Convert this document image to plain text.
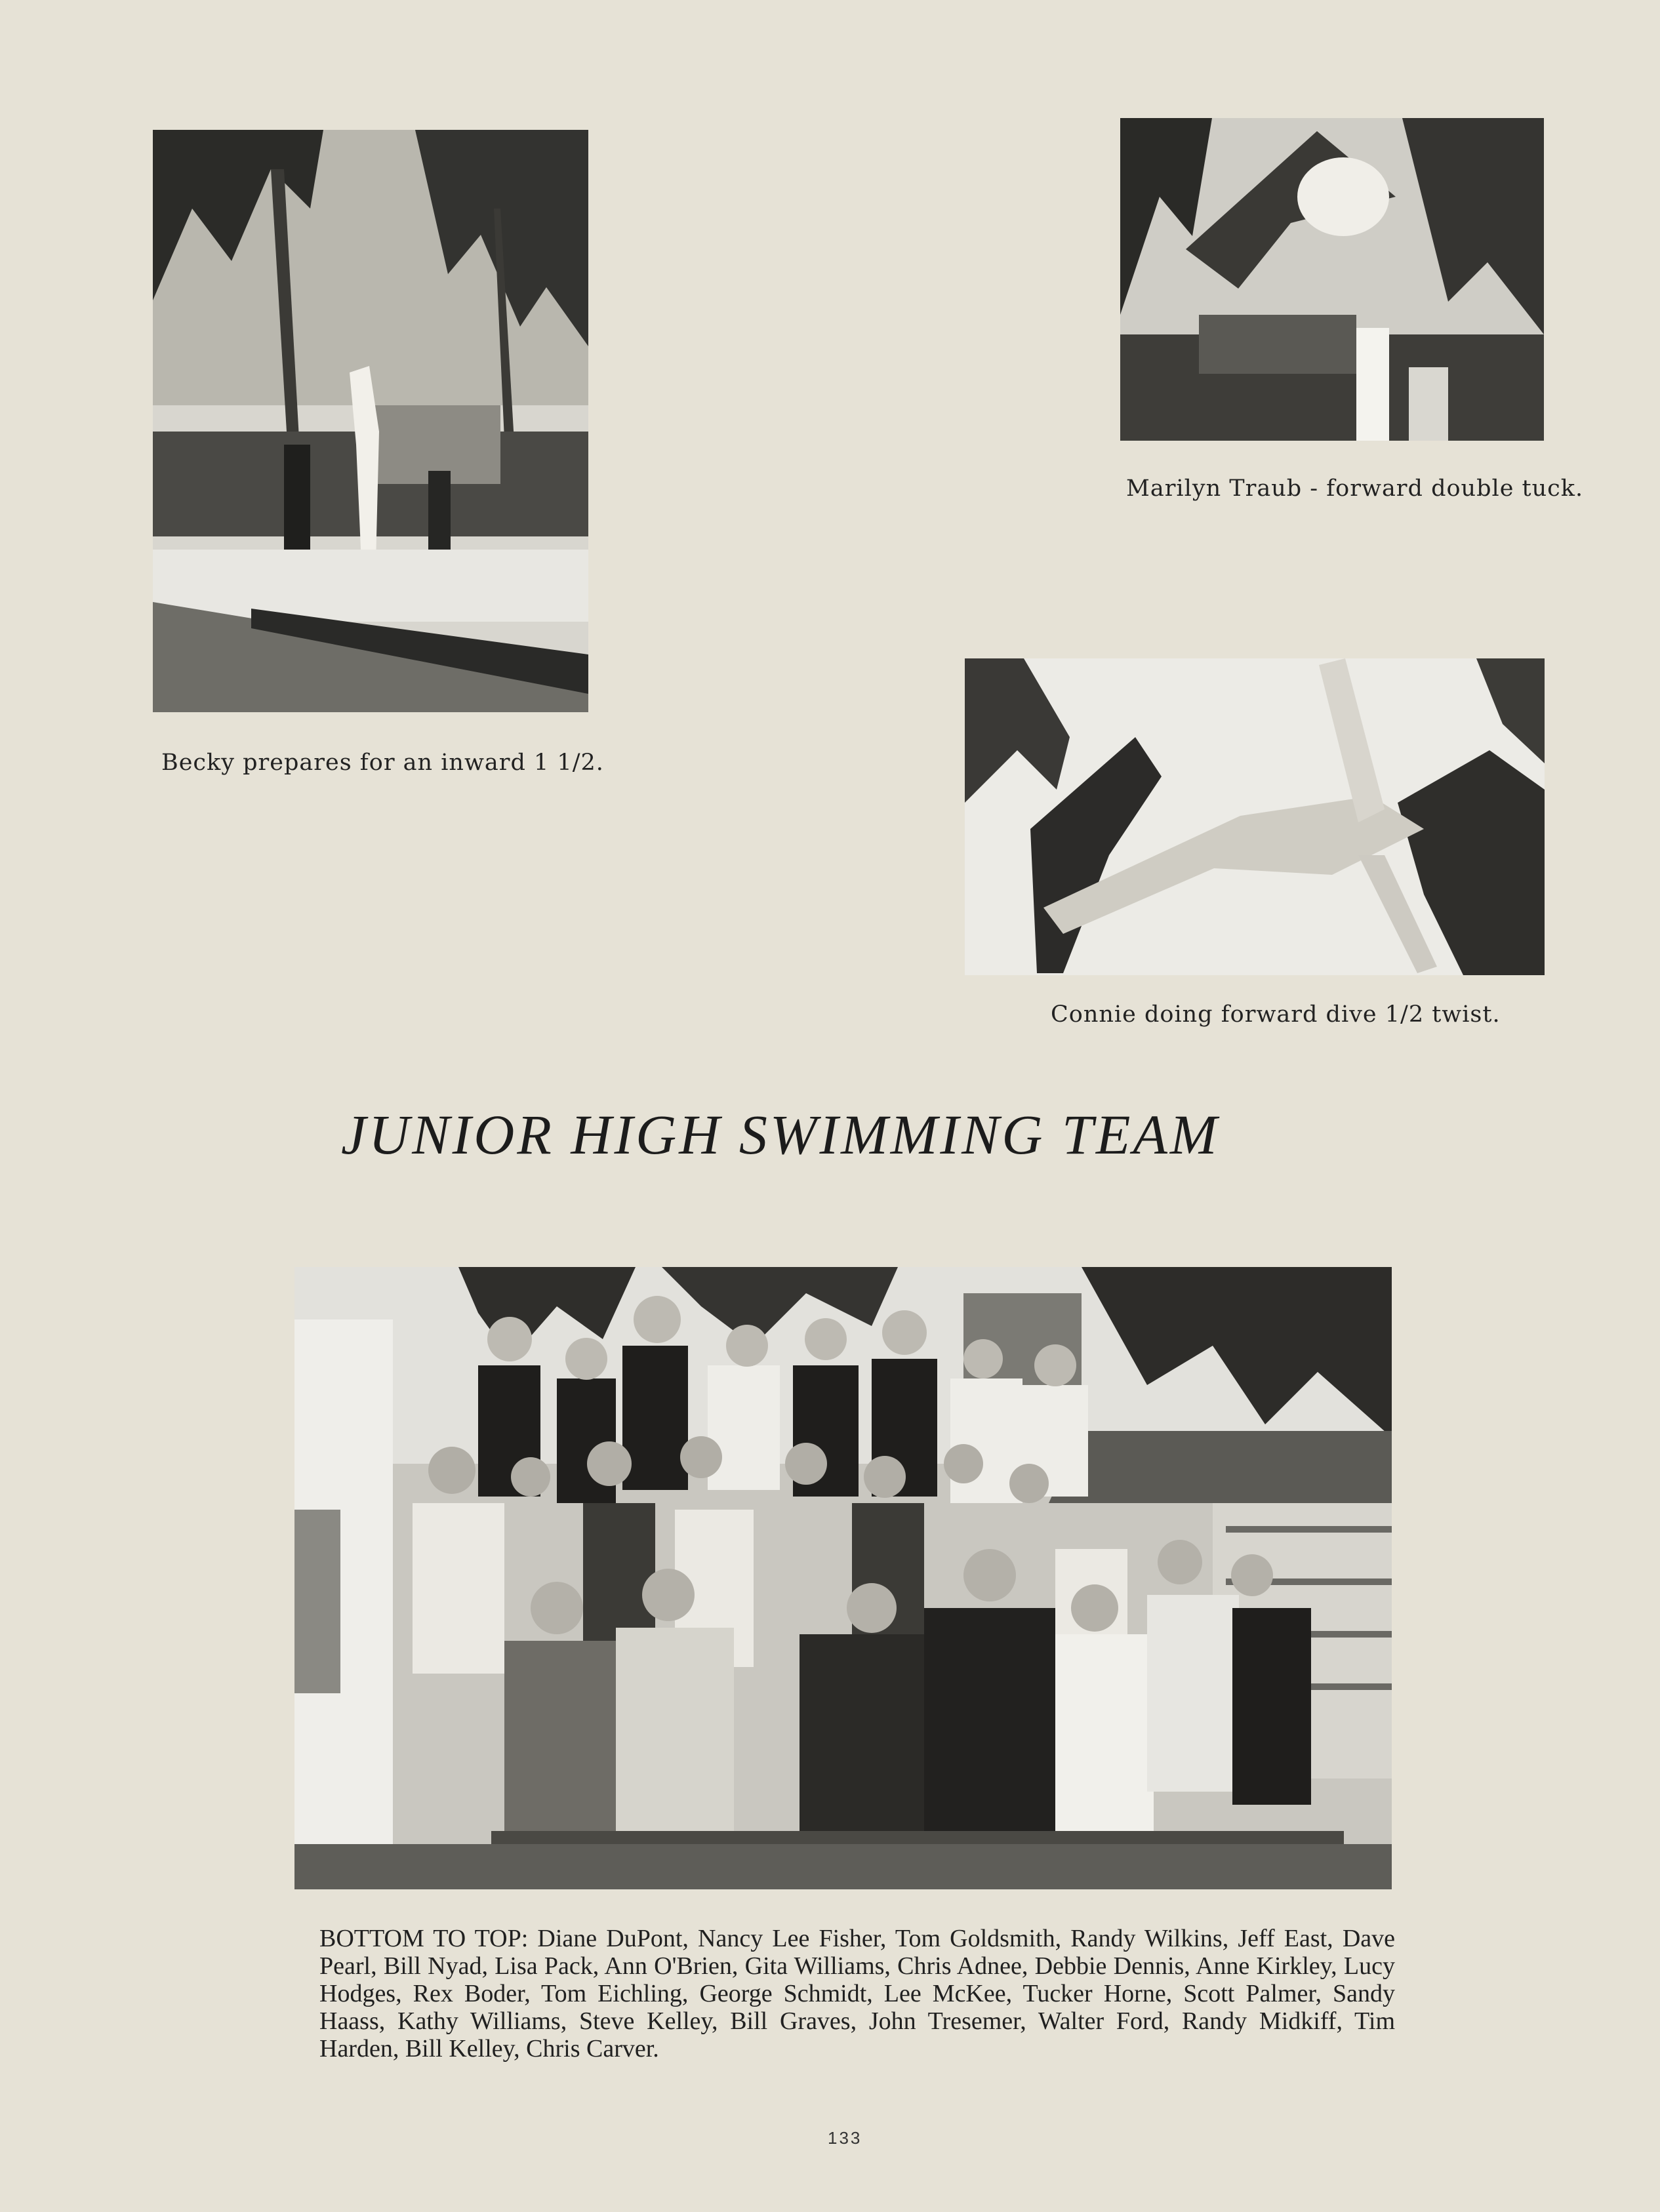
Becky prepares for an inward 1 1/2.
Marilyn Traub - forward double tuck.
Connie doing forward dive 1/2 twist.
JUNIOR HIGH SWIMMING TEAM
BOTTOM TO TOP: Diane DuPont, Nancy Lee Fisher, Tom Goldsmith, Randy Wilkins, Jeff East, Dave Pearl, Bill Nyad, Lisa Pack, Ann O'Brien, Gita Williams, Chris Adnee, Debbie Dennis, Anne Kirkley, Lucy Hodges, Rex Boder, Tom Eichling, George Schmidt, Lee McKee, Tucker Horne, Scott Palmer, Sandy Haass, Kathy Williams, Steve Kelley, Bill Graves, John Tresemer, Walter Ford, Randy Midkiff, Tim Harden, Bill Kelley, Chris Carver.
133
